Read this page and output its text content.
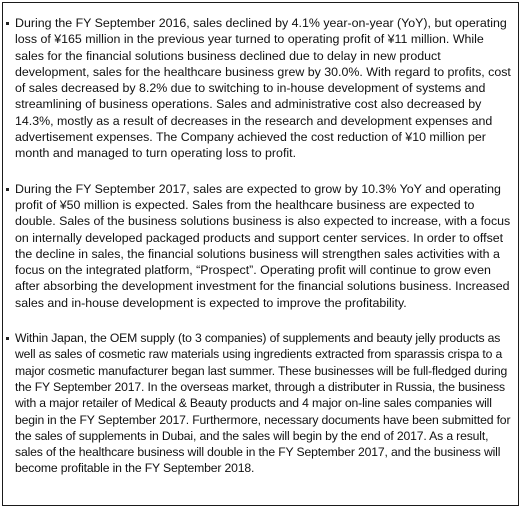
During the FY September 2016, sales declined by 4.1% year-on-year (YoY), but operating loss of ¥165 million in the previous year turned to operating profit of ¥11 million. While sales for the financial solutions business declined due to delay in new product development, sales for the healthcare business grew by 30.0%. With regard to profits, cost of sales decreased by 8.2% due to switching to in-house development of systems and streamlining of business operations. Sales and administrative cost also decreased by 14.3%, mostly as a result of decreases in the research and development expenses and advertisement expenses. The Company achieved the cost reduction of ¥10 million per month and managed to turn operating loss to profit.

During the FY September 2017, sales are expected to grow by 10.3% YoY and operating profit of ¥50 million is expected. Sales from the healthcare business are expected to double. Sales of the business solutions business is also expected to increase, with a focus on internally developed packaged products and support center services. In order to offset the decline in sales, the financial solutions business will strengthen sales activities with a focus on the integrated platform, “Prospect”. Operating profit will continue to grow even after absorbing the development investment for the financial solutions business. Increased sales and in-house development is expected to improve the profitability.

Within Japan, the OEM supply (to 3 companies) of supplements and beauty jelly products as well as sales of cosmetic raw materials using ingredients extracted from sparassis crispa to a major cosmetic manufacturer began last summer. These businesses will be full-fledged during the FY September 2017. In the overseas market, through a distributer in Russia, the business with a major retailer of Medical & Beauty products and 4 major on-line sales companies will begin in the FY September 2017. Furthermore, necessary documents have been submitted for the sales of supplements in Dubai, and the sales will begin by the end of 2017. As a result, sales of the healthcare business will double in the FY September 2017, and the business will become profitable in the FY September 2018.
